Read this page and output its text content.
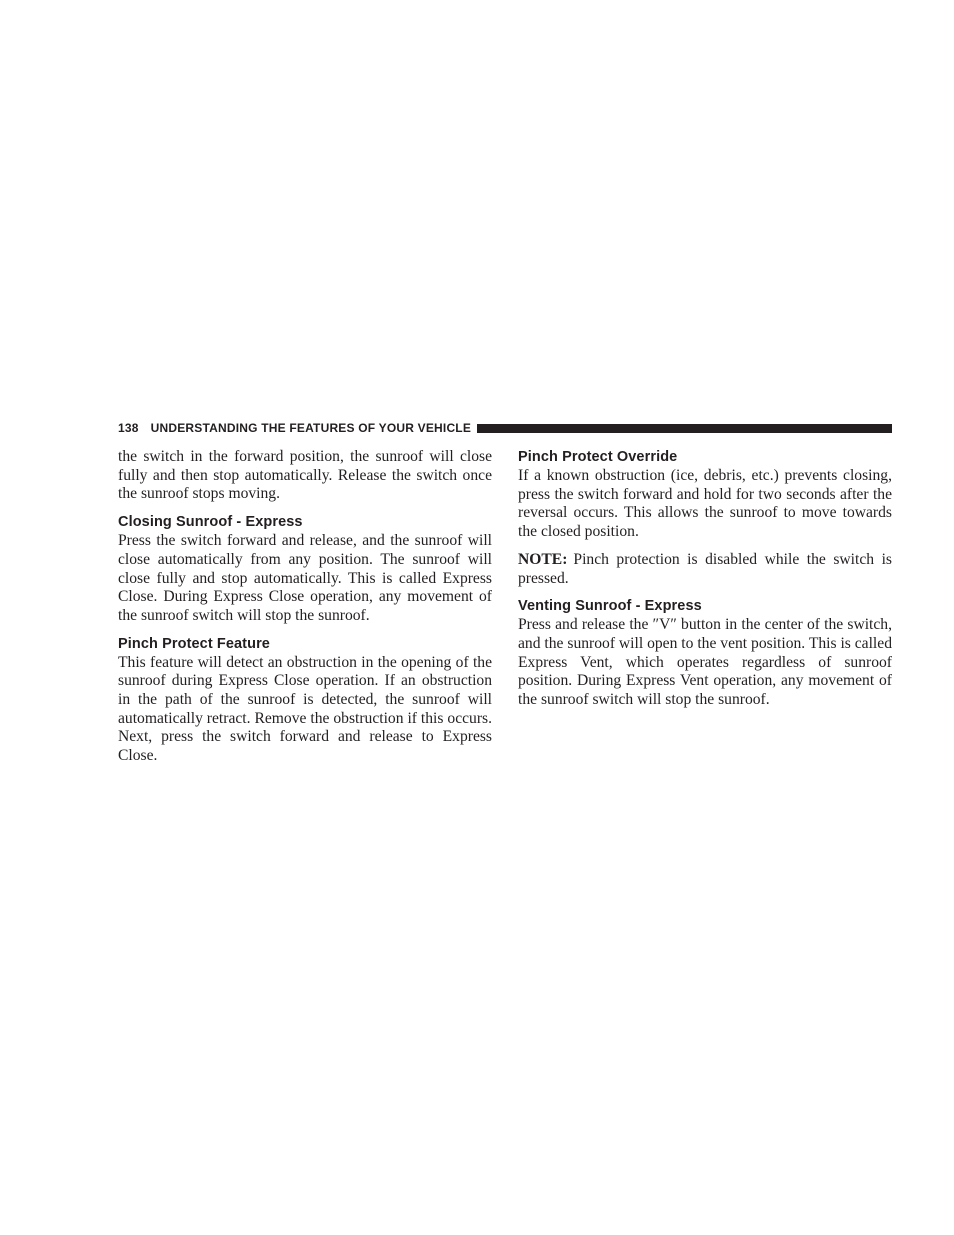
138 UNDERSTANDING THE FEATURES OF YOUR VEHICLE

the switch in the forward position, the sunroof will close fully and then stop automatically. Release the switch once the sunroof stops moving.

Closing Sunroof - Express

Press the switch forward and release, and the sunroof will close automatically from any position. The sunroof will close fully and stop automatically. This is called Express Close. During Express Close operation, any movement of the sunroof switch will stop the sunroof.

Pinch Protect Feature

This feature will detect an obstruction in the opening of the sunroof during Express Close operation. If an obstruction in the path of the sunroof is detected, the sunroof will automatically retract. Remove the obstruction if this occurs. Next, press the switch forward and release to Express Close.

Pinch Protect Override

If a known obstruction (ice, debris, etc.) prevents closing, press the switch forward and hold for two seconds after the reversal occurs. This allows the sunroof to move towards the closed position.

NOTE: Pinch protection is disabled while the switch is pressed.

Venting Sunroof - Express

Press and release the ″V″ button in the center of the switch, and the sunroof will open to the vent position. This is called Express Vent, which operates regardless of sunroof position. During Express Vent operation, any movement of the sunroof switch will stop the sunroof.
